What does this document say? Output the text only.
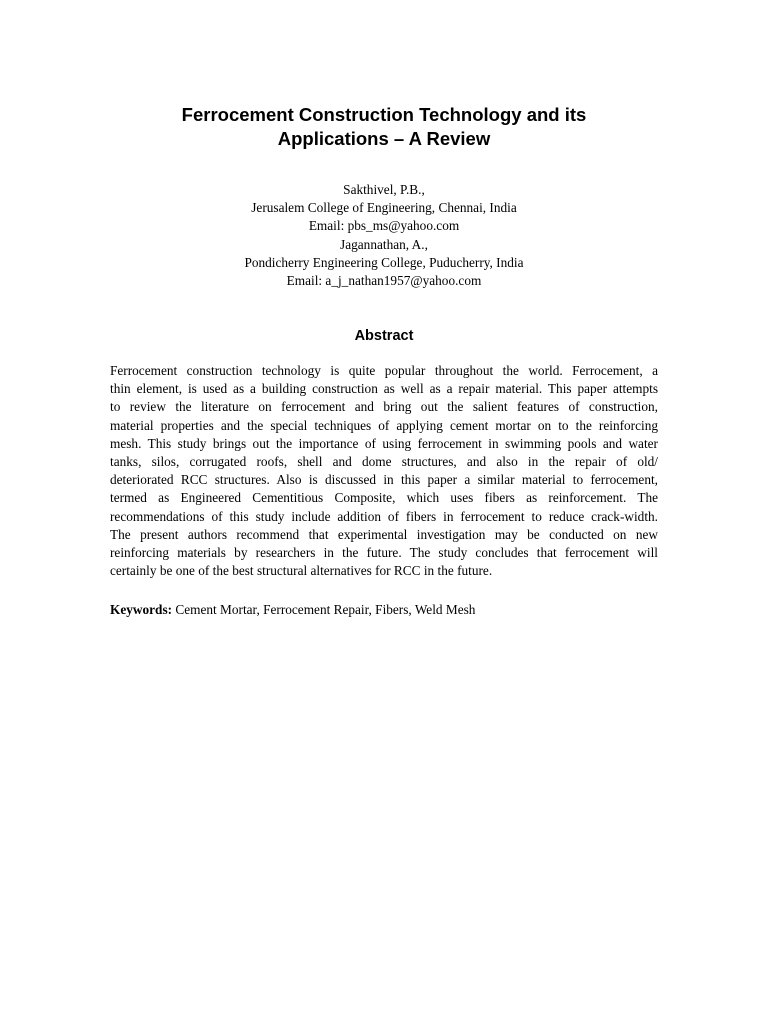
Ferrocement Construction Technology and its
Applications – A Review
Sakthivel, P.B.,
Jerusalem College of Engineering, Chennai, India
Email: pbs_ms@yahoo.com
Jagannathan, A.,
Pondicherry Engineering College, Puducherry, India
Email: a_j_nathan1957@yahoo.com
Abstract
Ferrocement construction technology is quite popular throughout the world. Ferrocement, a
thin element, is used as a building construction as well as a repair material. This paper attempts
to review the literature on ferrocement and bring out the salient features of construction,
material properties and the special techniques of applying cement mortar on to the reinforcing
mesh. This study brings out the importance of using ferrocement in swimming pools and water
tanks, silos, corrugated roofs, shell and dome structures, and also in the repair of old/
deteriorated RCC structures. Also is discussed in this paper a similar material to ferrocement,
termed as Engineered Cementitious Composite, which uses fibers as reinforcement. The
recommendations of this study include addition of fibers in ferrocement to reduce crack-width.
The present authors recommend that experimental investigation may be conducted on new
reinforcing materials by researchers in the future. The study concludes that ferrocement will
certainly be one of the best structural alternatives for RCC in the future.
Keywords: Cement Mortar, Ferrocement Repair, Fibers, Weld Mesh
